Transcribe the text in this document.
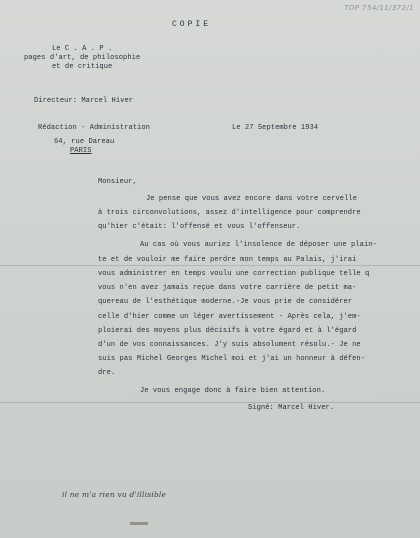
TOP 754/11/372/1

COPIE

Le C . A . P .

pages d'art, de philosophie

et de critique

Directeur: Marcel Hiver

Rédaction - Administration	Le 27 Septembre 1934

64, rue Dareau

PARIS

Monsieur,

Je pense que vous avez encore dans votre cervelle

à trois circonvolutions, assez d'intelligence pour comprendre

qu'hier c'était: l'offensé et vous l'offenseur.

Au cas où vous auriez l'insolence de déposer une plain-

te et de vouloir me faire perdre mon temps au Palais, j'irai

vous administrer en temps voulu une correction publique telle q

vous n'en avez jamais reçue dans votre carrière de petit ma-

quereau de l'esthétique moderne.-Je vous prie de considérer

celle d'hier comme un léger avertissement - Après cela, j'em-

ploierai des moyens plus décisifs à votre égard et à l'égard

d'un de vos connaissances. J'y suis absolument résolu.- Je ne

suis pas Michel Georges Michel moi et j'ai un honneur à défen-

dre.

Je vous engage donc à faire bien attention.

Signé: Marcel Hiver.

il ne m'a rien vu d'illisible
